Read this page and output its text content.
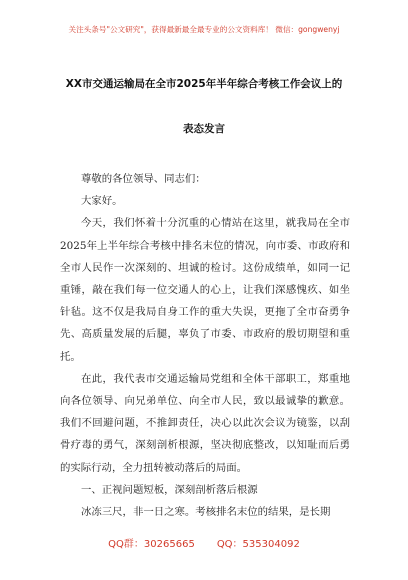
关注头条号"公文研究"，获得最新最全最专业的公文资料库！ 微信：gongwenyj
XX市交通运输局在全市2025年半年综合考核工作会议上的
表态发言

尊敬的各位领导、同志们：

大家好。

今天，我们怀着十分沉重的心情站在这里，就我局在全市2025年上半年综合考核中排名末位的情况，向市委、市政府和全市人民作一次深刻的、坦诚的检讨。这份成绩单，如同一记重锤，敲在我们每一位交通人的心上，让我们深感愧疚、如坐针毡。这不仅是我局自身工作的重大失误，更拖了全市奋勇争先、高质量发展的后腿，辜负了市委、市政府的殷切期望和重托。

在此，我代表市交通运输局党组和全体干部职工，郑重地向各位领导、向兄弟单位、向全市人民，致以最诚挚的歉意。我们不回避问题，不推卸责任，决心以此次会议为镜鉴，以刮骨疗毒的勇气，深刻剖析根源，坚决彻底整改，以知耻而后勇的实际行动，全力扭转被动落后的局面。

一、正视问题短板，深刻剖析落后根源

冰冻三尺，非一日之寒。考核排名末位的结果，是长期

QQ群：30265665 QQ：535304092
